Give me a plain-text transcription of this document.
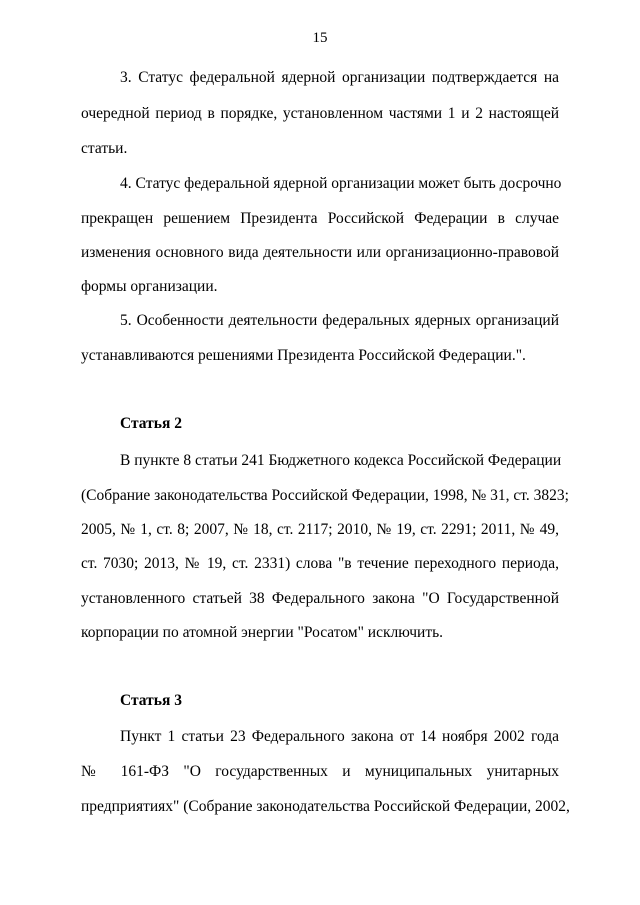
15
3. Статус федеральной ядерной организации подтверждается на
очередной период в порядке, установленном частями 1 и 2 настоящей
статьи.
4. Статус федеральной ядерной организации может быть досрочно
прекращен решением Президента Российской Федерации в случае
изменения основного вида деятельности или организационно-правовой
формы организации.
5. Особенности деятельности федеральных ядерных организаций
устанавливаются решениями Президента Российской Федерации.".
Статья 2
В пункте 8 статьи 241 Бюджетного кодекса Российской Федерации
(Собрание законодательства Российской Федерации, 1998, № 31, ст. 3823;
2005, № 1, ст. 8; 2007, № 18, ст. 2117; 2010, № 19, ст. 2291; 2011, № 49,
ст. 7030; 2013, № 19, ст. 2331) слова "в течение переходного периода,
установленного статьей 38 Федерального закона "О Государственной
корпорации по атомной энергии "Росатом" исключить.
Статья 3
Пункт 1 статьи 23 Федерального закона от 14 ноября 2002 года
№ 161-ФЗ "О государственных и муниципальных унитарных
предприятиях" (Собрание законодательства Российской Федерации, 2002,
